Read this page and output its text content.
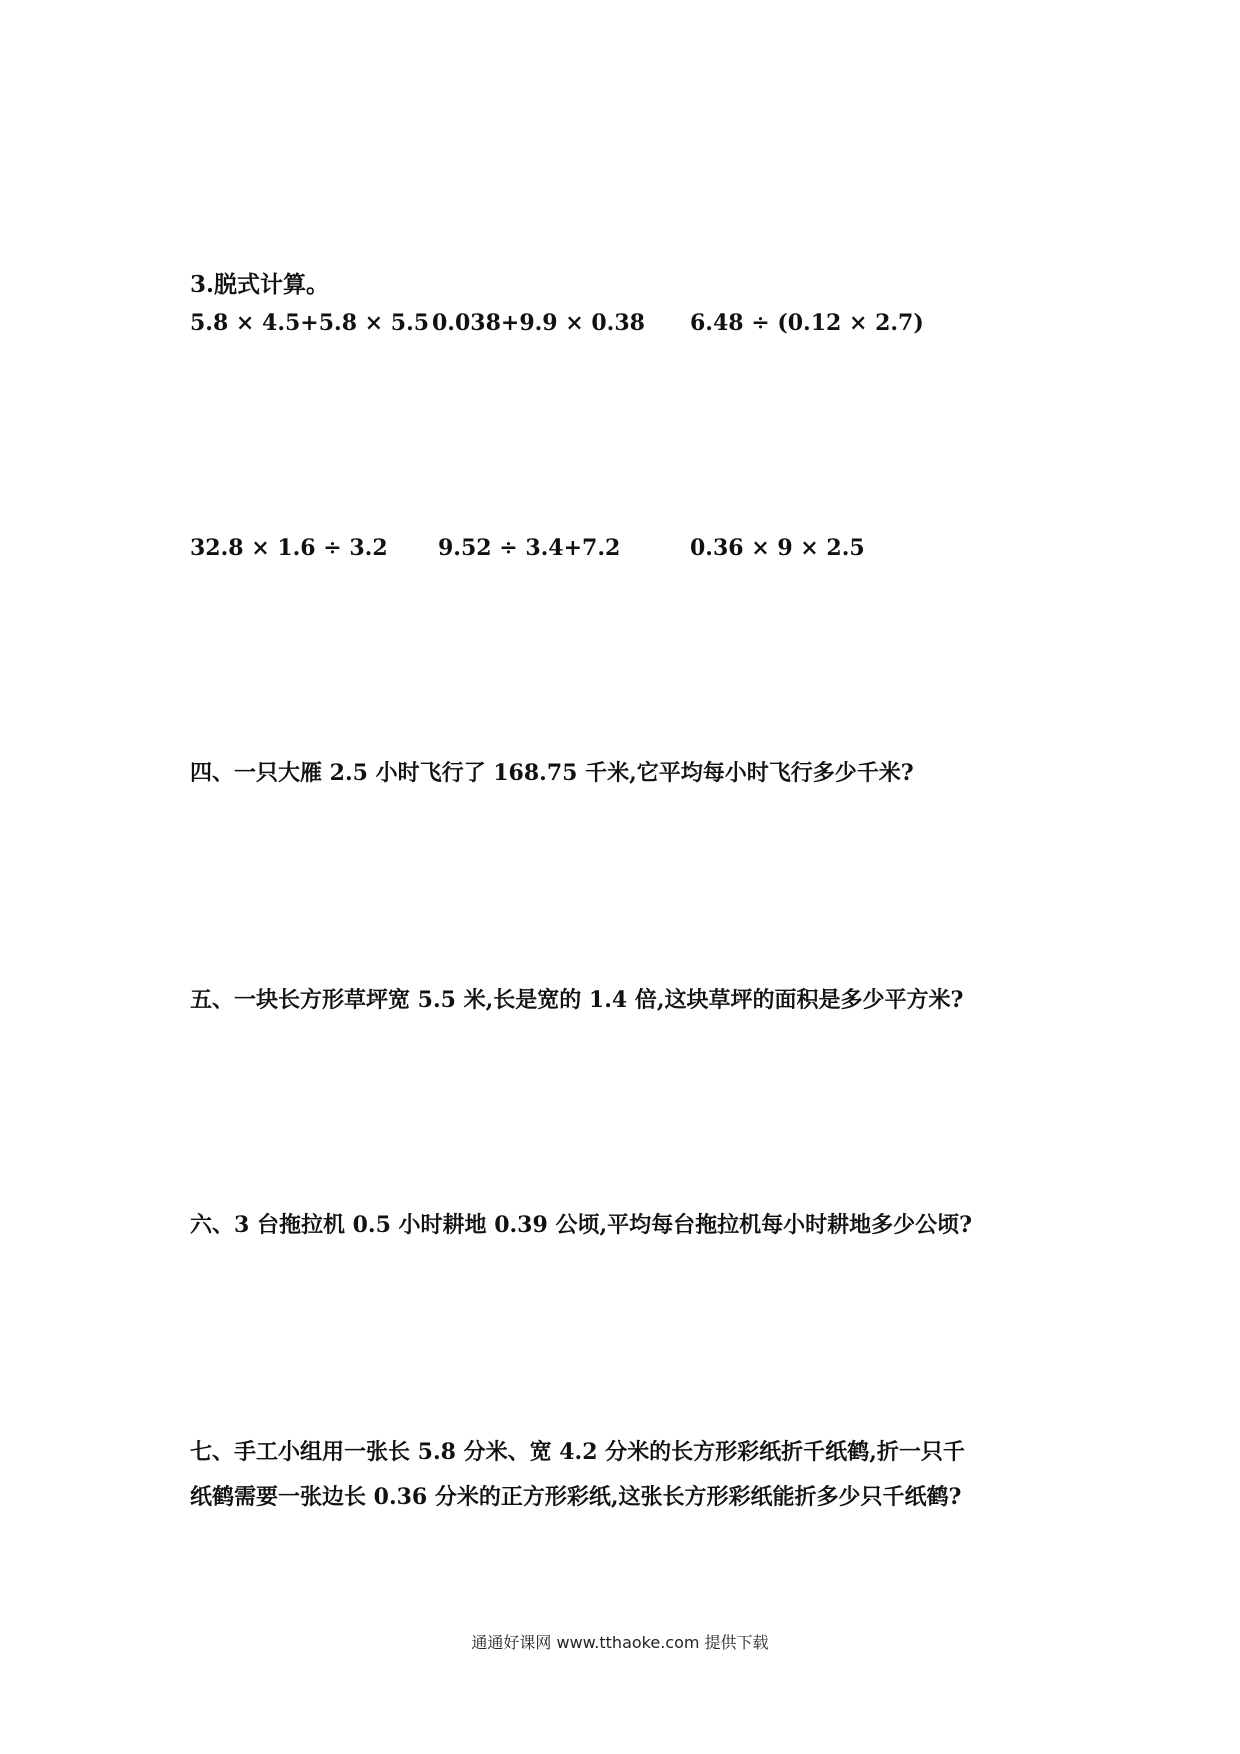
3.脱式计算。
5.8 × 4.5+5.8 × 5.5 0.038+9.9 × 0.38 6.48 ÷ (0.12 × 2.7)
32.8 × 1.6 ÷ 3.2 9.52 ÷ 3.4+7.2	0.36 × 9 × 2.5
四、一只大雁 2.5 小时飞行了 168.75 千米,它平均每小时飞行多少千米?
五、一块长方形草坪宽 5.5 米,长是宽的 1.4 倍,这块草坪的面积是多少平方米?
六、3 台拖拉机 0.5 小时耕地 0.39 公顷,平均每台拖拉机每小时耕地多少公顷?
七、手工小组用一张长 5.8 分米、宽 4.2 分米的长方形彩纸折千纸鹤,折一只千
纸鹤需要一张边长 0.36 分米的正方形彩纸,这张长方形彩纸能折多少只千纸鹤?
通通好课网 www.tthaoke.com 提供下载
